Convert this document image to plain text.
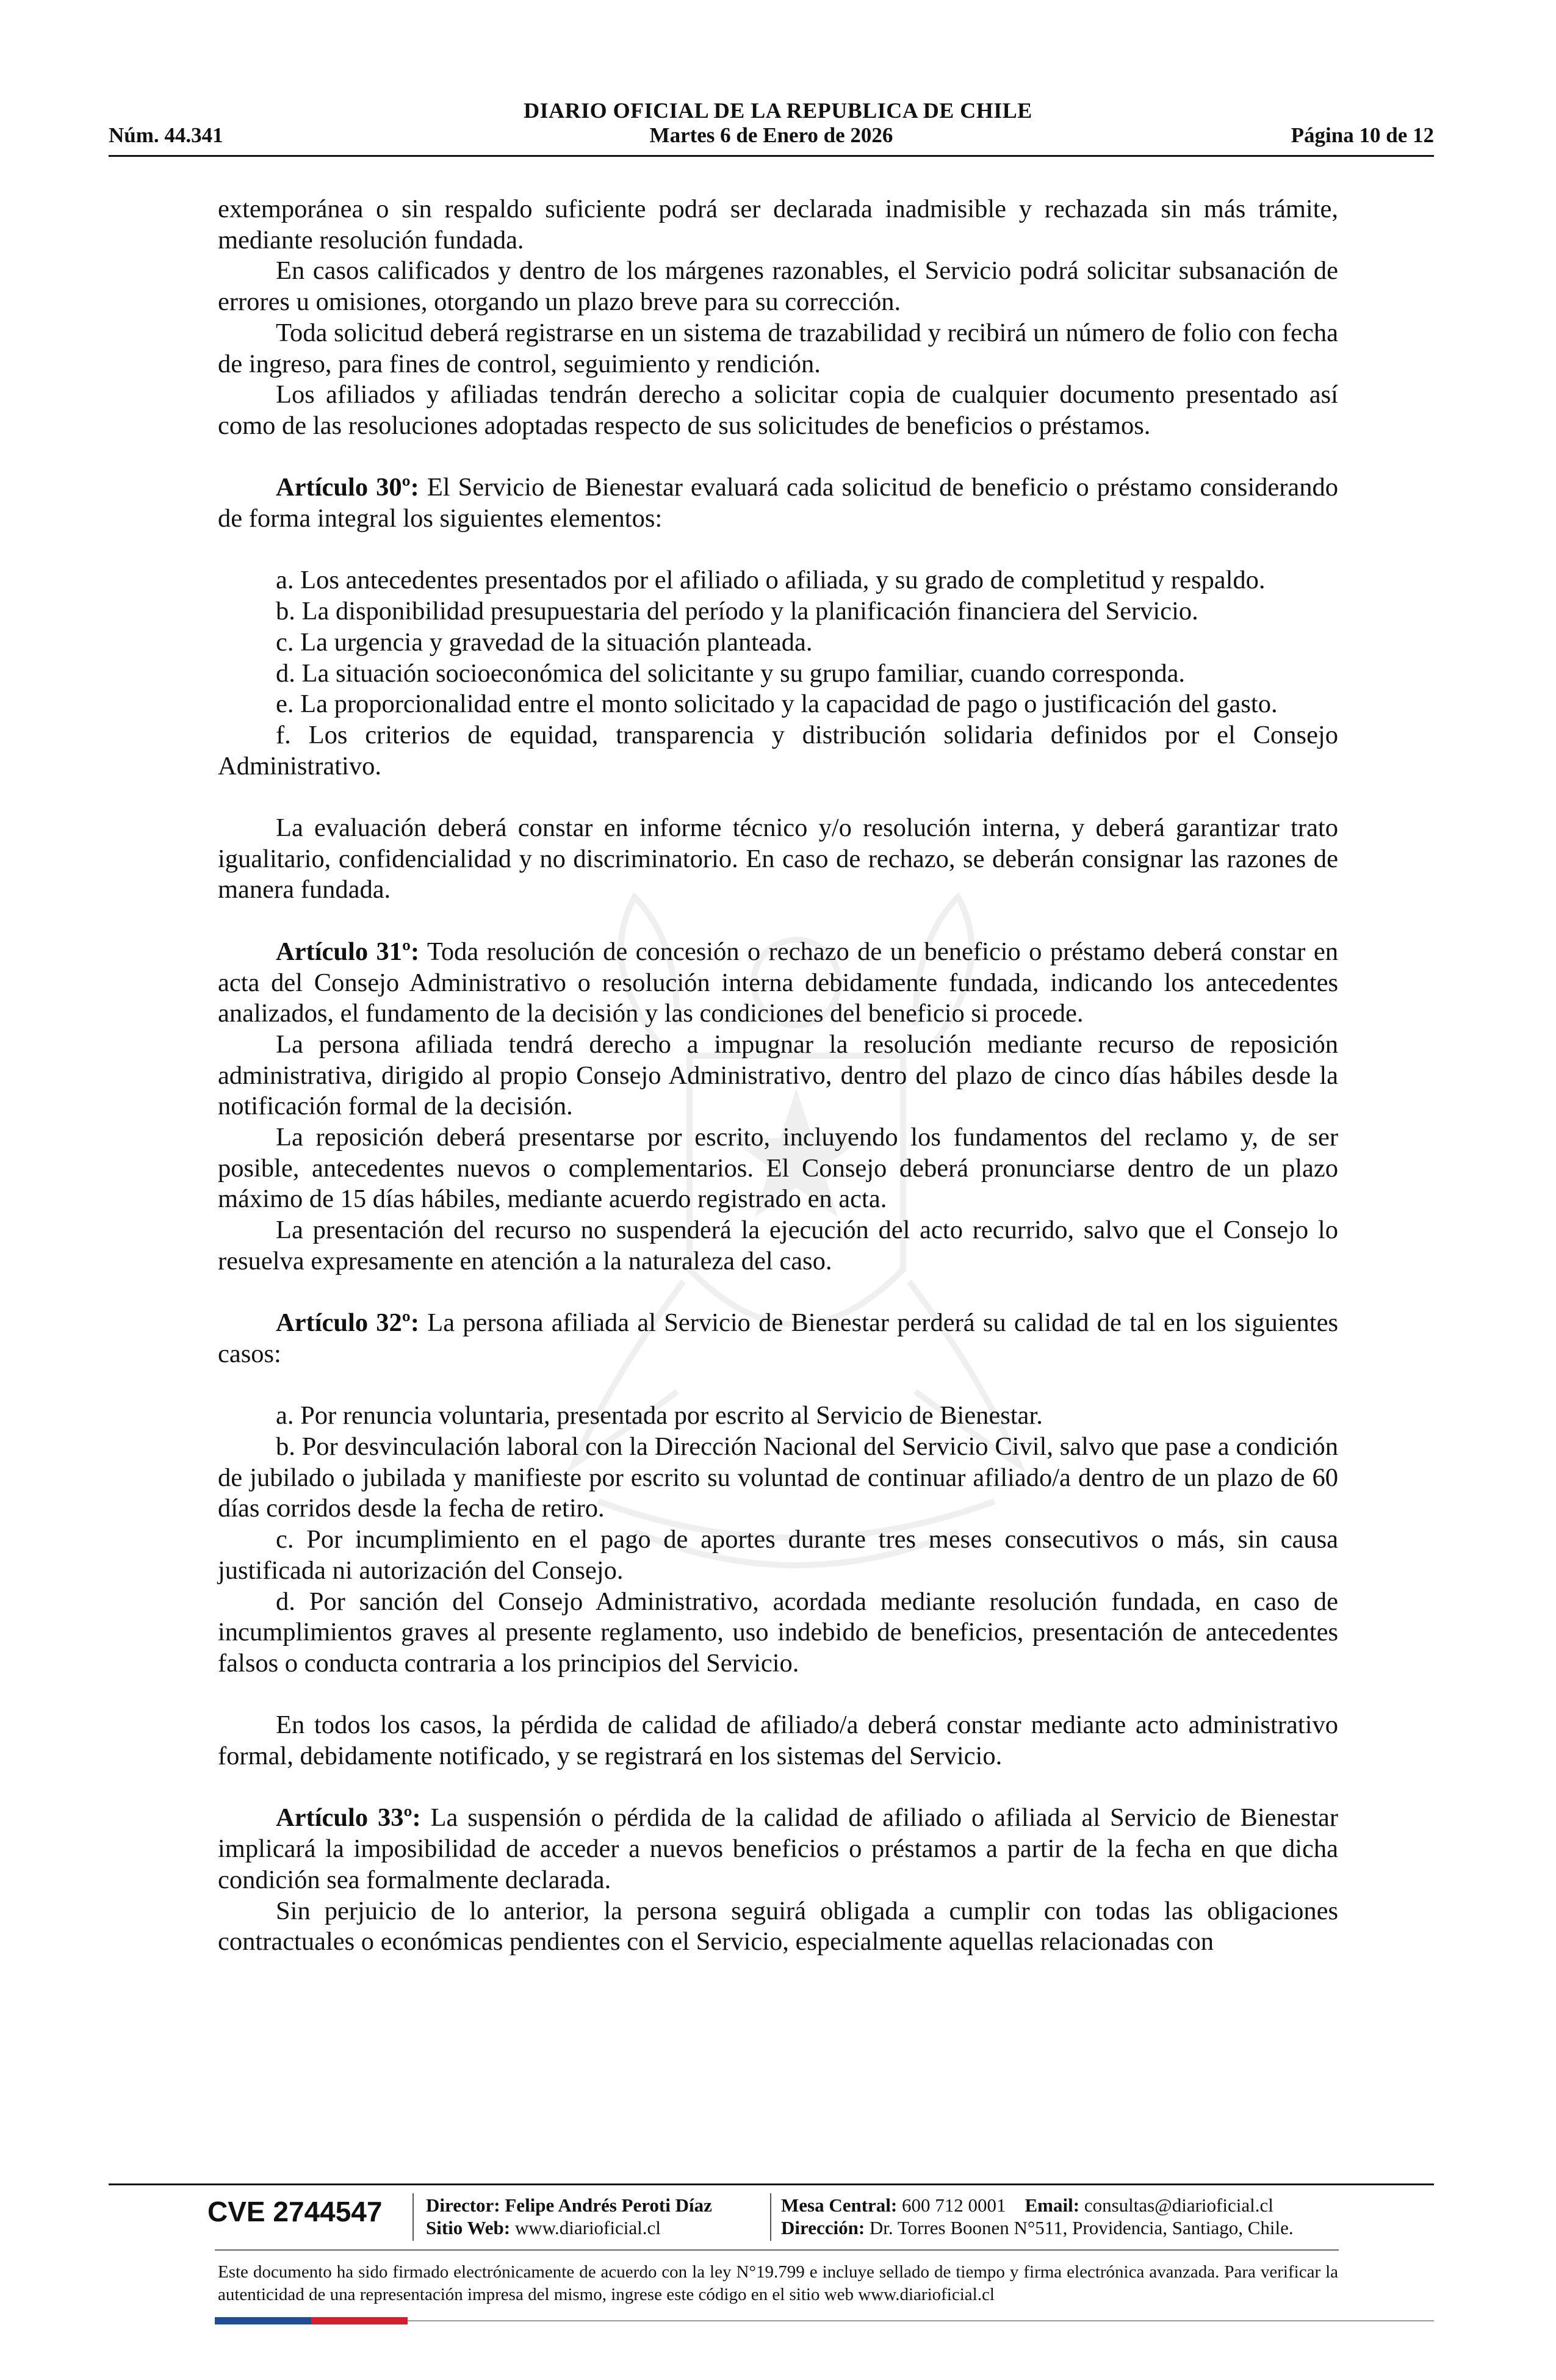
DIARIO OFICIAL DE LA REPUBLICA DE CHILE
Martes 6 de Enero de 2026
Núm. 44.341	Página 10 de 12

extemporánea o sin respaldo suficiente podrá ser declarada inadmisible y rechazada sin más trámite, mediante resolución fundada.

En casos calificados y dentro de los márgenes razonables, el Servicio podrá solicitar subsanación de errores u omisiones, otorgando un plazo breve para su corrección.

Toda solicitud deberá registrarse en un sistema de trazabilidad y recibirá un número de folio con fecha de ingreso, para fines de control, seguimiento y rendición.

Los afiliados y afiliadas tendrán derecho a solicitar copia de cualquier documento presentado así como de las resoluciones adoptadas respecto de sus solicitudes de beneficios o préstamos.

Artículo 30º: El Servicio de Bienestar evaluará cada solicitud de beneficio o préstamo considerando de forma integral los siguientes elementos:

a. Los antecedentes presentados por el afiliado o afiliada, y su grado de completitud y respaldo.

b. La disponibilidad presupuestaria del período y la planificación financiera del Servicio.

c. La urgencia y gravedad de la situación planteada.

d. La situación socioeconómica del solicitante y su grupo familiar, cuando corresponda.

e. La proporcionalidad entre el monto solicitado y la capacidad de pago o justificación del gasto.

f. Los criterios de equidad, transparencia y distribución solidaria definidos por el Consejo Administrativo.

La evaluación deberá constar en informe técnico y/o resolución interna, y deberá garantizar trato igualitario, confidencialidad y no discriminatorio. En caso de rechazo, se deberán consignar las razones de manera fundada.

Artículo 31º: Toda resolución de concesión o rechazo de un beneficio o préstamo deberá constar en acta del Consejo Administrativo o resolución interna debidamente fundada, indicando los antecedentes analizados, el fundamento de la decisión y las condiciones del beneficio si procede.

La persona afiliada tendrá derecho a impugnar la resolución mediante recurso de reposición administrativa, dirigido al propio Consejo Administrativo, dentro del plazo de cinco días hábiles desde la notificación formal de la decisión.

La reposición deberá presentarse por escrito, incluyendo los fundamentos del reclamo y, de ser posible, antecedentes nuevos o complementarios. El Consejo deberá pronunciarse dentro de un plazo máximo de 15 días hábiles, mediante acuerdo registrado en acta.

La presentación del recurso no suspenderá la ejecución del acto recurrido, salvo que el Consejo lo resuelva expresamente en atención a la naturaleza del caso.

Artículo 32º: La persona afiliada al Servicio de Bienestar perderá su calidad de tal en los siguientes casos:

a. Por renuncia voluntaria, presentada por escrito al Servicio de Bienestar.

b. Por desvinculación laboral con la Dirección Nacional del Servicio Civil, salvo que pase a condición de jubilado o jubilada y manifieste por escrito su voluntad de continuar afiliado/a dentro de un plazo de 60 días corridos desde la fecha de retiro.

c. Por incumplimiento en el pago de aportes durante tres meses consecutivos o más, sin causa justificada ni autorización del Consejo.

d. Por sanción del Consejo Administrativo, acordada mediante resolución fundada, en caso de incumplimientos graves al presente reglamento, uso indebido de beneficios, presentación de antecedentes falsos o conducta contraria a los principios del Servicio.

En todos los casos, la pérdida de calidad de afiliado/a deberá constar mediante acto administrativo formal, debidamente notificado, y se registrará en los sistemas del Servicio.

Artículo 33º: La suspensión o pérdida de la calidad de afiliado o afiliada al Servicio de Bienestar implicará la imposibilidad de acceder a nuevos beneficios o préstamos a partir de la fecha en que dicha condición sea formalmente declarada.

Sin perjuicio de lo anterior, la persona seguirá obligada a cumplir con todas las obligaciones contractuales o económicas pendientes con el Servicio, especialmente aquellas relacionadas con

CVE 2744547 Director: Felipe Andrés Peroti Díaz
Sitio Web: www.diarioficial.cl
Mesa Central: 600 712 0001 Email: consultas@diarioficial.cl
Dirección: Dr. Torres Boonen N°511, Providencia, Santiago, Chile.
Este documento ha sido firmado electrónicamente de acuerdo con la ley N°19.799 e incluye sellado de tiempo y firma electrónica avanzada. Para verificar la autenticidad de una representación impresa del mismo, ingrese este código en el sitio web www.diarioficial.cl
